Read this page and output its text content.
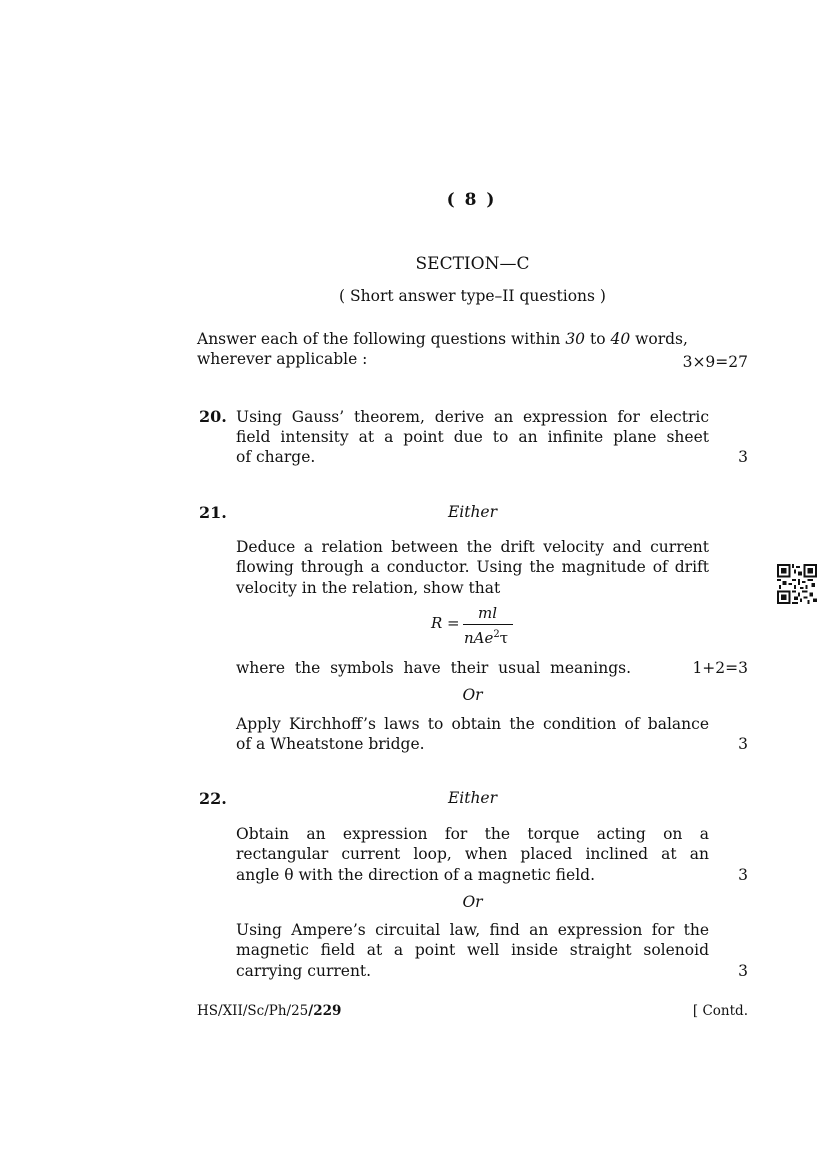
( 8 )
SECTION—C
( Short answer type–II questions )
Answer each of the following questions within 30 to 40 words,
wherever applicable :	3×9=27
20. Using Gauss’ theorem, derive an expression for electric
field intensity at a point due to an infinite plane sheet
of charge.	3
21.	Either
Deduce a relation between the drift velocity and current
flowing through a conductor. Using the magnitude of drift
velocity in the relation, show that
R =
ml
nAe$^2$τ
where the symbols have their usual meanings.	1+2=3
Or
Apply Kirchhoff’s laws to obtain the condition of balance
of a Wheatstone bridge.	3
22.	Either
Obtain an expression for the torque acting on a
rectangular current loop, when placed inclined at an
angle θ with the direction of a magnetic field.	3
Or
Using Ampere’s circuital law, find an expression for the
magnetic field at a point well inside straight solenoid
carrying current.	3
HS/XII/Sc/Ph/25/229	[ Contd.
